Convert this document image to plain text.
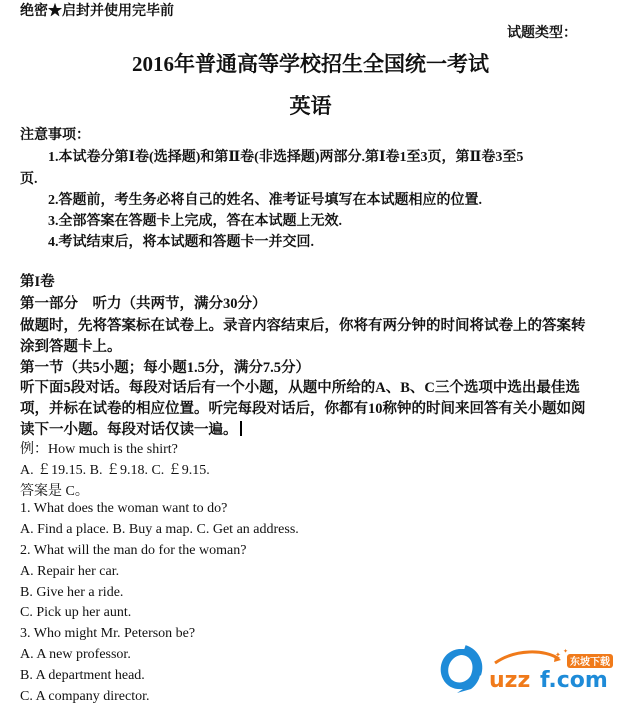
绝密★启封并使用完毕前
试题类型：
2016年普通高等学校招生全国统一考试
英语
注意事项：
1.本试卷分第Ⅰ卷(选择题)和第Ⅱ卷(非选择题)两部分.第Ⅰ卷1至3页，第Ⅱ卷3至5
页.
2.答题前，考生务必将自己的姓名、准考证号填写在本试题相应的位置.
3.全部答案在答题卡上完成，答在本试题上无效.
4.考试结束后，将本试题和答题卡一并交回.
第I卷
第一部分　听力（共两节，满分30分）
做题时，先将答案标在试卷上。录音内容结束后，你将有两分钟的时间将试卷上的答案转
涂到答题卡上。
第一节（共5小题；每小题1.5分，满分7.5分）
听下面5段对话。每段对话后有一个小题，从题中所给的A、B、C三个选项中选出最佳选
项，并标在试卷的相应位置。听完每段对话后，你都有10称钟的时间来回答有关小题如阅
读下一小题。每段对话仅读一遍。
例：How much is the shirt?
A. ￡19.15. B. ￡9.18. C. ￡9.15.
答案是 C。
1. What does the woman want to do?
A. Find a place. B. Buy a map. C. Get an address.
2. What will the man do for the woman?
A. Repair her car.
B. Give her a ride.
C. Pick up her aunt.
3. Who might Mr. Peterson be?
A. A new professor.
B. A department head.
C. A company director.
✦ ✦
东坡下载
uzz f.com
